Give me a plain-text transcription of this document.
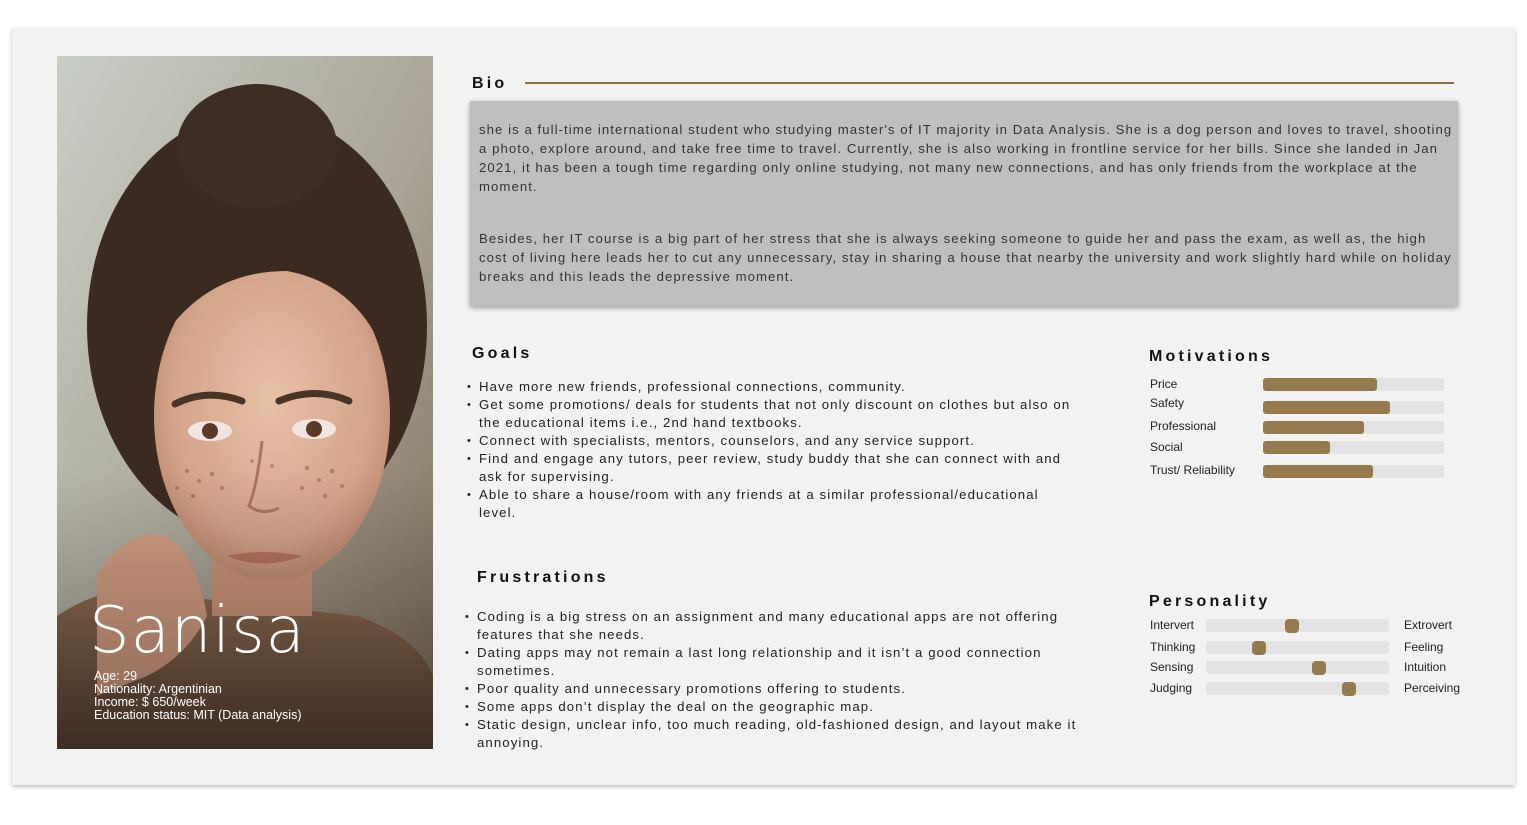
Sanisa
Age: 29
Nationality: Argentinian
Income: $ 650/week
Education status: MIT (Data analysis)
Bio

she is a full-time international student who studying master's of IT majority in Data Analysis. She is a dog person and loves to travel, shooting a photo, explore around, and take free time to travel. Currently, she is also working in frontline service for her bills. Since she landed in Jan 2021, it has been a tough time regarding only online studying, not many new connections, and has only friends from the workplace at the moment.

Besides, her IT course is a big part of her stress that she is always seeking someone to guide her and pass the exam, as well as, the high cost of living here leads her to cut any unnecessary, stay in sharing a house that nearby the university and work slightly hard while on holiday breaks and this leads the depressive moment.

Goals
• Have more new friends, professional connections, community.
• Get some promotions/ deals for students that not only discount on clothes but also on the educational items i.e., 2nd hand textbooks.
• Connect with specialists, mentors, counselors, and any service support.
• Find and engage any tutors, peer review, study buddy that she can connect with and ask for supervising.
• Able to share a house/room with any friends at a similar professional/educational level.
Frustrations
• Coding is a big stress on an assignment and many educational apps are not offering features that she needs.
• Dating apps may not remain a last long relationship and it isn’t a good connection sometimes.
• Poor quality and unnecessary promotions offering to students.
• Some apps don’t display the deal on the geographic map.
• Static design, unclear info, too much reading, old-fashioned design, and layout make it annoying.
Motivations
Price
Safety
Professional
Social
Trust/ Reliability
Personality
Intervert	Extrovert
Thinking	Feeling
Sensing	Intuition
Judging	Perceiving
